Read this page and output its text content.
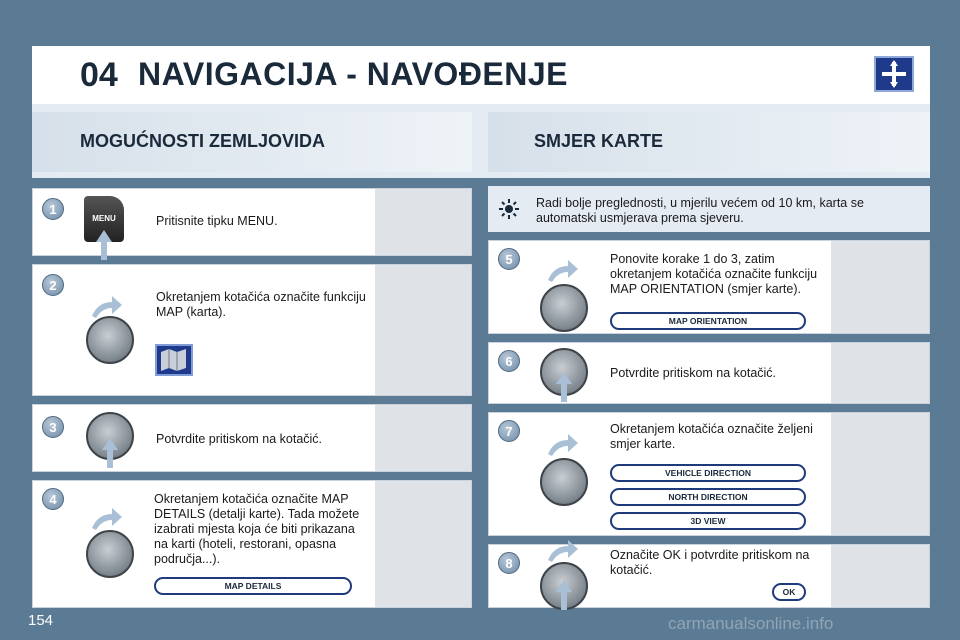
04 NAVIGACIJA - NAVOĐENJE
MOGUĆNOSTI ZEMLJOVIDA	SMJER KARTE
1
MENU	Pritisnite tipku MENU.
2
Okretanjem kotačića označite funkciju MAP (karta).
3
Potvrdite pritiskom na kotačić.
4	Okretanjem kotačića označite MAP DETAILS (detalji karte). Tada možete izabrati mjesta koja će biti prikazana na karti (hoteli, restorani, opasna područja...).
MAP DETAILS
Radi bolje preglednosti, u mjerilu većem od 10 km, karta se automatski usmjerava prema sjeveru.
5	Ponovite korake 1 do 3, zatim okretanjem kotačića označite funkciju MAP ORIENTATION (smjer karte).
MAP ORIENTATION
6
Potvrdite pritiskom na kotačić.
7	Okretanjem kotačića označite željeni smjer karte.
VEHICLE DIRECTION
NORTH DIRECTION
3D VIEW
8
Označite OK i potvrdite pritiskom na kotačić.
OK
154	carmanualsonline.info
